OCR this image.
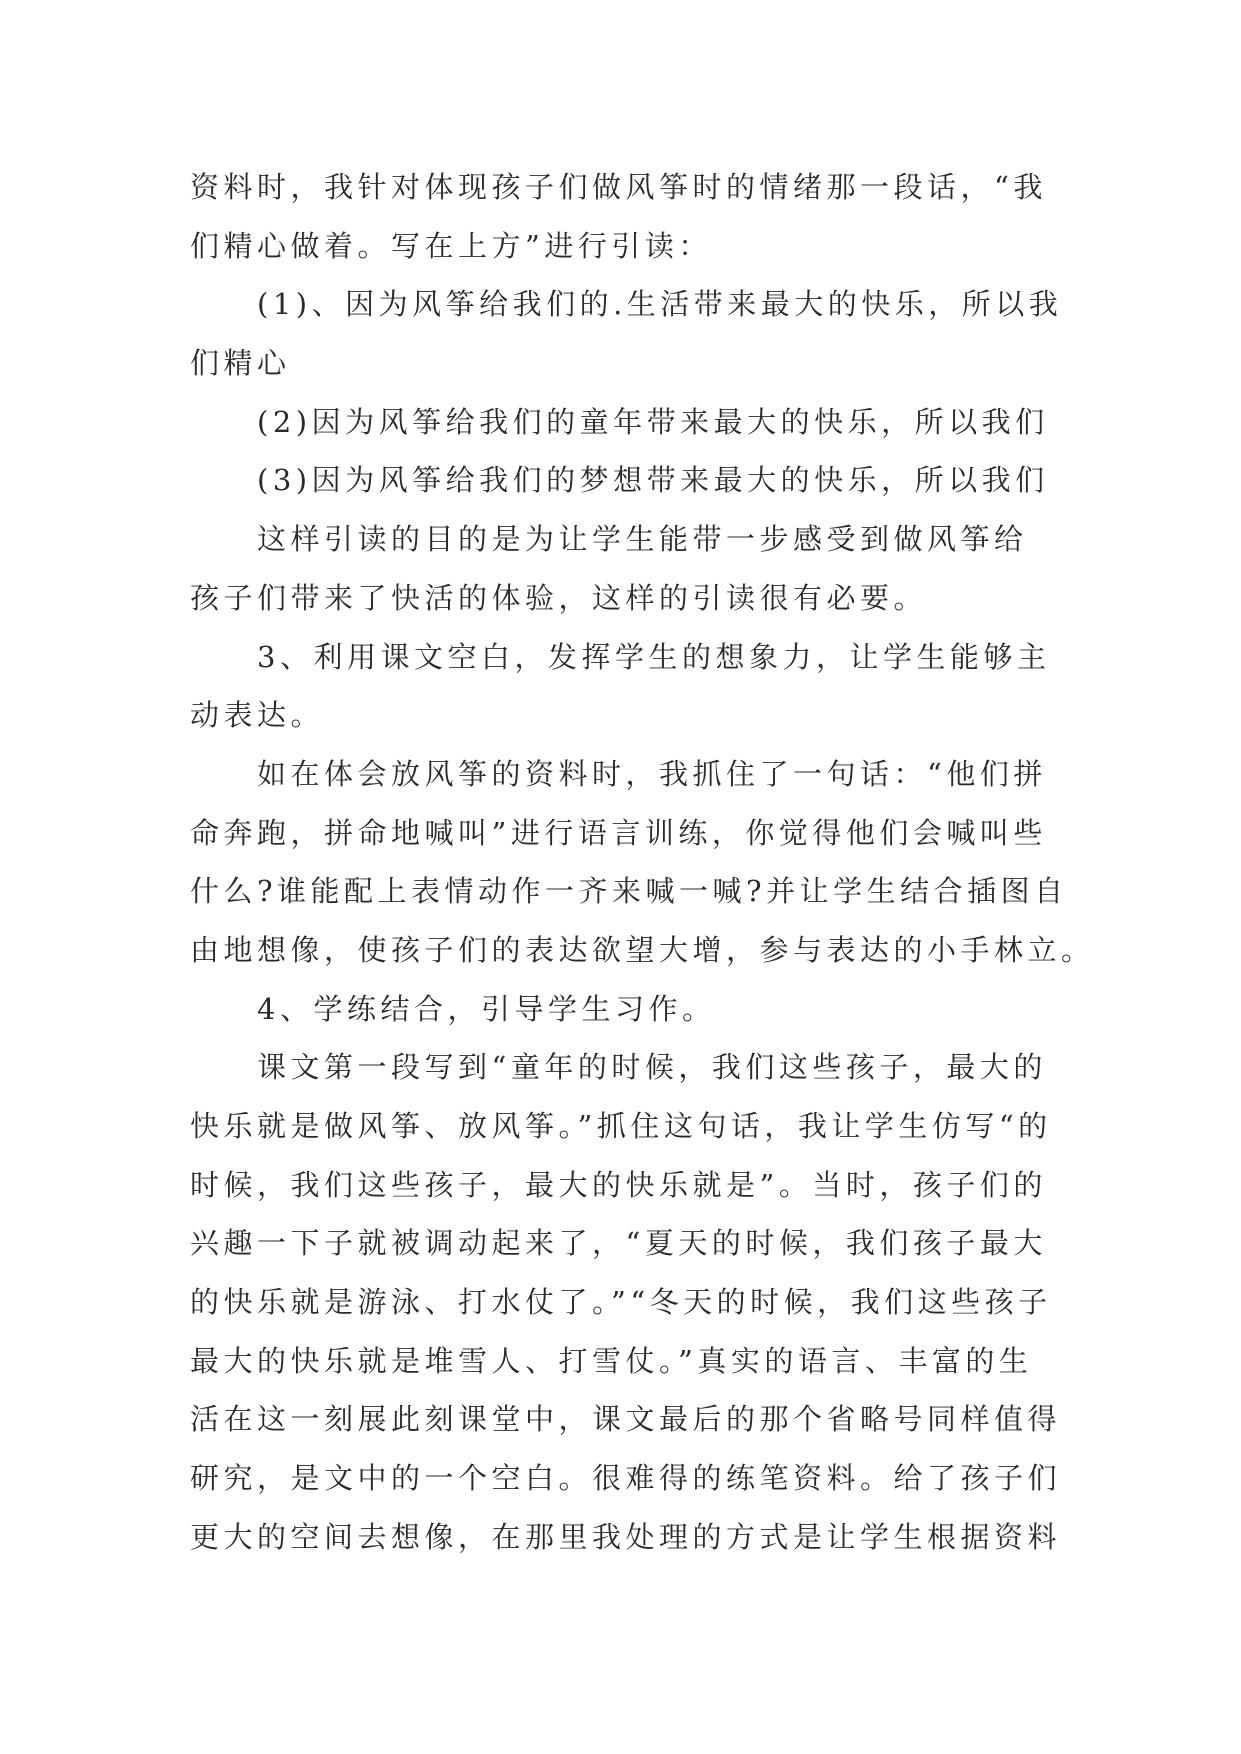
资料时，我针对体现孩子们做风筝时的情绪那一段话，“我
们精心做着。写在上方”进行引读：
(1)、因为风筝给我们的.生活带来最大的快乐，所以我
们精心
(2)因为风筝给我们的童年带来最大的快乐，所以我们
(3)因为风筝给我们的梦想带来最大的快乐，所以我们
这样引读的目的是为让学生能带一步感受到做风筝给
孩子们带来了快活的体验，这样的引读很有必要。
3、利用课文空白，发挥学生的想象力，让学生能够主
动表达。
如在体会放风筝的资料时，我抓住了一句话：“他们拼
命奔跑，拼命地喊叫”进行语言训练，你觉得他们会喊叫些
什么?谁能配上表情动作一齐来喊一喊?并让学生结合插图自
由地想像，使孩子们的表达欲望大增，参与表达的小手林立。
4、学练结合，引导学生习作。
课文第一段写到“童年的时候，我们这些孩子，最大的
快乐就是做风筝、放风筝。”抓住这句话，我让学生仿写“的
时候，我们这些孩子，最大的快乐就是”。当时，孩子们的
兴趣一下子就被调动起来了，“夏天的时候，我们孩子最大
的快乐就是游泳、打水仗了。”“冬天的时候，我们这些孩子
最大的快乐就是堆雪人、打雪仗。”真实的语言、丰富的生
活在这一刻展此刻课堂中，课文最后的那个省略号同样值得
研究，是文中的一个空白。很难得的练笔资料。给了孩子们
更大的空间去想像，在那里我处理的方式是让学生根据资料
